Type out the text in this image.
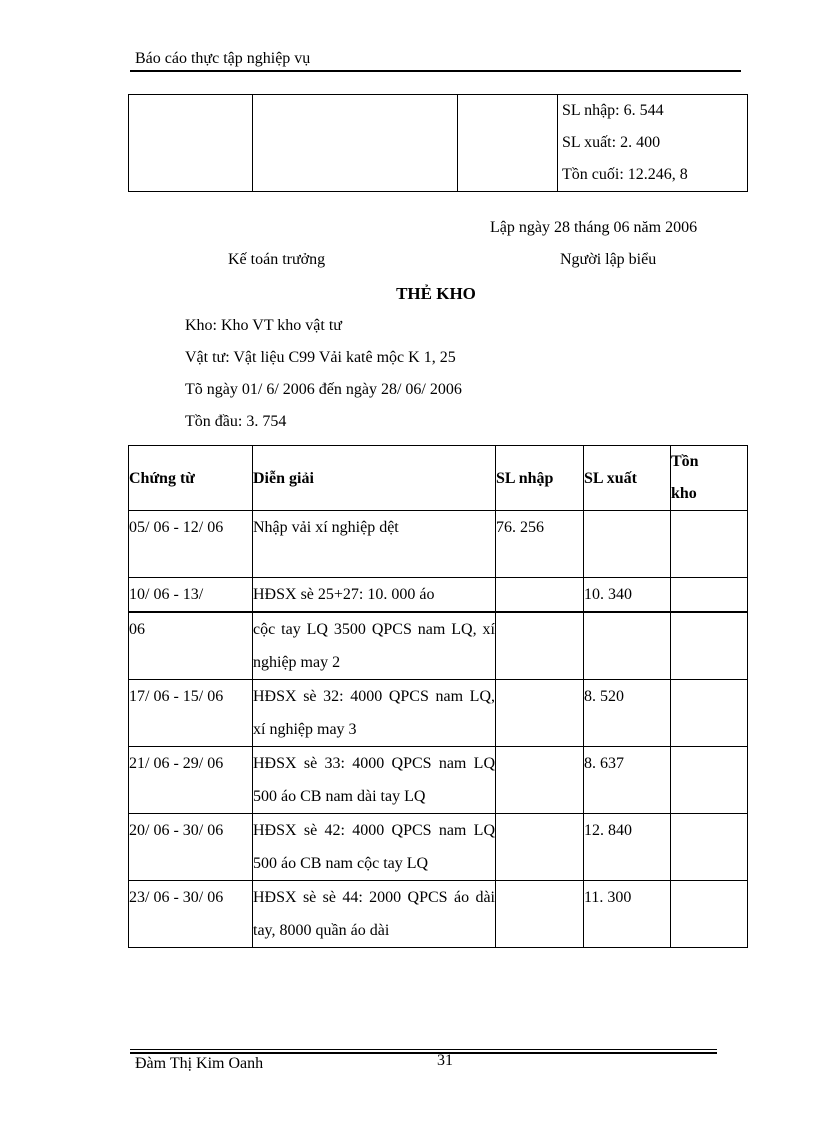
Báo cáo thực tập nghiệp vụ

SL nhập: 6. 544
SL xuất: 2. 400
Tồn cuối: 12.246, 8
Lập ngày 28 tháng 06 năm 2006
Kế toán trưởng	Người lập biểu
THẺ KHO
Kho: Kho VT kho vật tư
Vật tư: Vật liệu C99 Vải katê mộc K 1, 25
Tõ ngày 01/ 6/ 2006 đến ngày 28/ 06/ 2006
Tồn đầu: 3. 754
Chứng từ	Diễn giải	SL nhập	SL xuất	Tồn
kho

05/ 06 - 12/ 06	Nhập vải xí nghiệp dệt	76. 256		
10/ 06 - 13/	HĐSX sè 25+27: 10. 000 áo		10. 340	
06	cộc tay LQ 3500 QPCS nam LQ, xí nghiệp may 2			
17/ 06 - 15/ 06	HĐSX sè 32: 4000 QPCS nam LQ, xí nghiệp may 3		8. 520	
21/ 06 - 29/ 06	HĐSX sè 33: 4000 QPCS nam LQ 500 áo CB nam dài tay LQ		8. 637	
20/ 06 - 30/ 06	HĐSX sè 42: 4000 QPCS nam LQ 500 áo CB nam cộc tay LQ		12. 840	
23/ 06 - 30/ 06	HĐSX sè sè 44: 2000 QPCS áo dài tay, 8000 quần áo dài		11. 300	
Đàm Thị Kim Oanh	31
